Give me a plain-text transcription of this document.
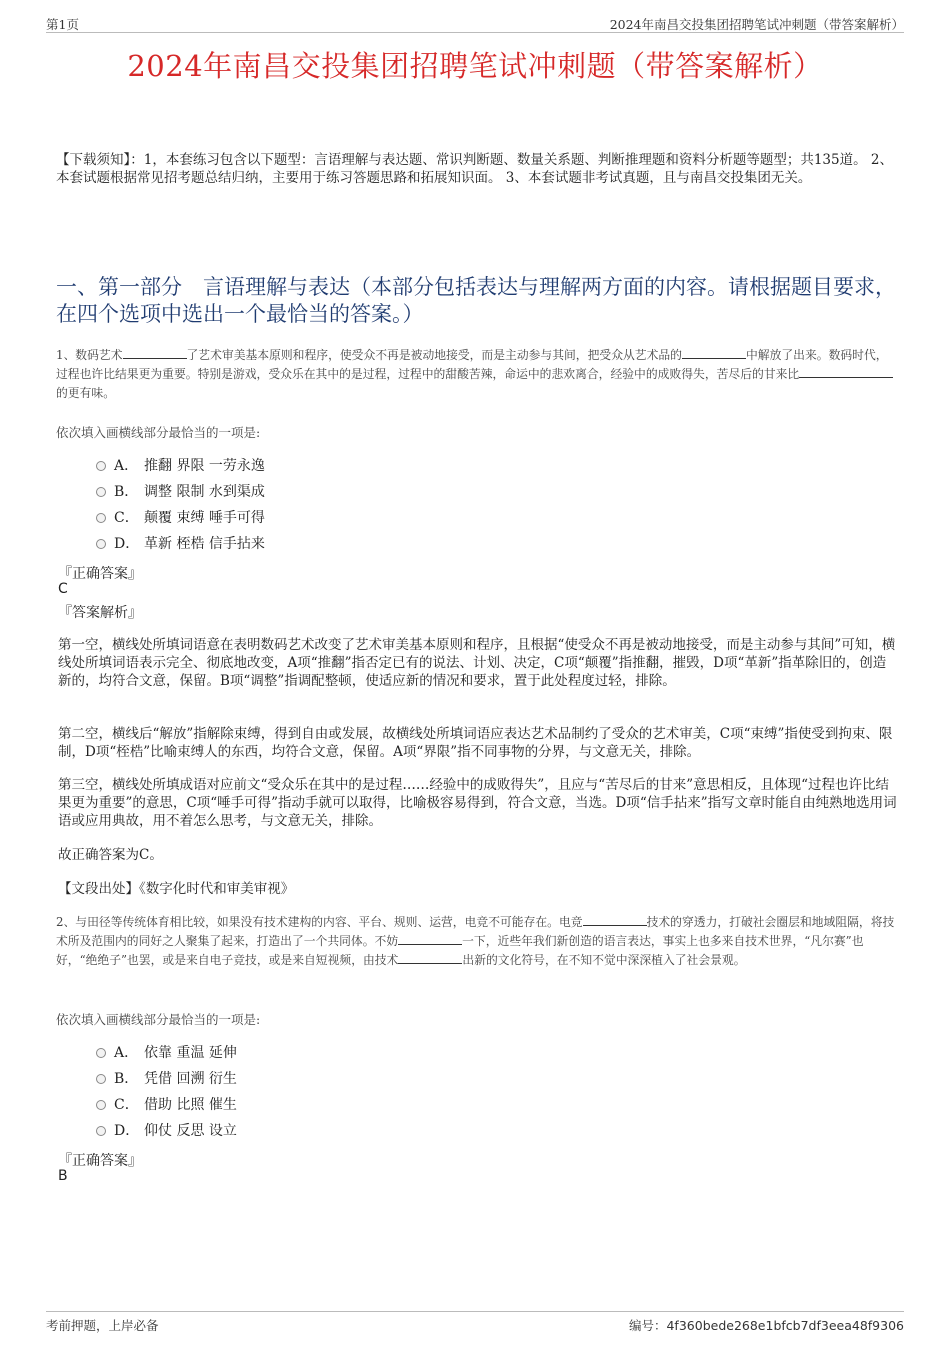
第1页	2024年南昌交投集团招聘笔试冲刺题（带答案解析）
2024年南昌交投集团招聘笔试冲刺题（带答案解析）
【下载须知】：1，本套练习包含以下题型：言语理解与表达题、常识判断题、数量关系题、判断推理题和资料分析题等题型；共135道。 2、本套试题根据常见招考题总结归纳，主要用于练习答题思路和拓展知识面。 3、本套试题非考试真题，且与南昌交投集团无关。
一、第一部分　言语理解与表达（本部分包括表达与理解两方面的内容。请根据题目要求，在四个选项中选出一个最恰当的答案。）
1、数码艺术	了艺术审美基本原则和程序，使受众不再是被动地接受，而是主动参与其间，把受众从艺术品的	中解放了出来。数码时代，过程也许比结果更为重要。特别是游戏，受众乐在其中的是过程，过程中的甜酸苦辣，命运中的悲欢离合，经验中的成败得失，苦尽后的甘来比的更有味。
依次填入画横线部分最恰当的一项是:
A． 推翻 界限 一劳永逸
B． 调整 限制 水到渠成
C． 颠覆 束缚 唾手可得
D． 革新 桎梏 信手拈来
『正确答案』
C
『答案解析』
第一空，横线处所填词语意在表明数码艺术改变了艺术审美基本原则和程序，且根据“使受众不再是被动地接受，而是主动参与其间”可知，横线处所填词语表示完全、彻底地改变，A项“推翻”指否定已有的说法、计划、决定，C项“颠覆”指推翻，摧毁，D项“革新”指革除旧的，创造新的，均符合文意，保留。B项“调整”指调配整顿，使适应新的情况和要求，置于此处程度过轻，排除。
第二空，横线后“解放”指解除束缚，得到自由或发展，故横线处所填词语应表达艺术品制约了受众的艺术审美，C项“束缚”指使受到拘束、限制，D项“桎梏”比喻束缚人的东西，均符合文意，保留。A项“界限”指不同事物的分界，与文意无关，排除。
第三空，横线处所填成语对应前文“受众乐在其中的是过程……经验中的成败得失”，且应与“苦尽后的甘来”意思相反，且体现“过程也许比结果更为重要”的意思，C项“唾手可得”指动手就可以取得，比喻极容易得到，符合文意，当选。D项“信手拈来”指写文章时能自由纯熟地选用词语或应用典故，用不着怎么思考，与文意无关，排除。
故正确答案为C。
【文段出处】《数字化时代和审美审视》
2、与田径等传统体育相比较，如果没有技术建构的内容、平台、规则、运营，电竞不可能存在。电竞	技术的穿透力，打破社会圈层和地域阻隔，将技术所及范围内的同好之人聚集了起来，打造出了一个共同体。不妨	一下，近些年我们新创造的语言表达，事实上也多来自技术世界，“凡尔赛”也好，“绝绝子”也罢，或是来自电子竞技，或是来自短视频，由技术	出新的文化符号，在不知不觉中深深植入了社会景观。
依次填入画横线部分最恰当的一项是:
A． 依靠 重温 延伸
B． 凭借 回溯 衍生
C． 借助 比照 催生
D． 仰仗 反思 设立
『正确答案』
B
考前押题，上岸必备	编号：4f360bede268e1bfcb7df3eea48f9306
